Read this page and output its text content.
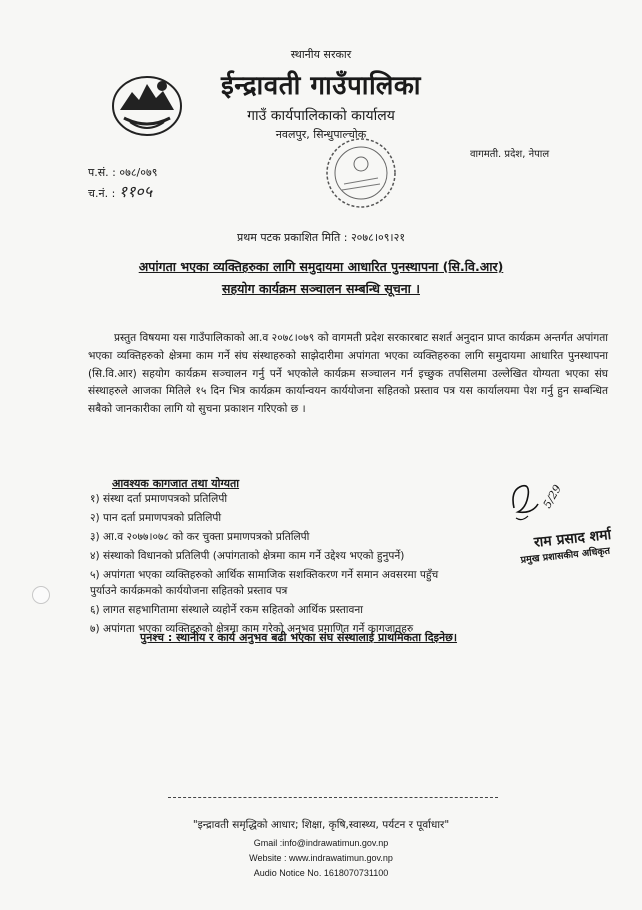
स्थानीय सरकार
ईन्द्रावती गाउँपालिका
गाउँ कार्यपालिकाको कार्यालय
नवलपुर, सिन्धुपाल्चोक
वागमती. प्रदेश, नेपाल
प.सं. : ०७८/०७९
च.नं. : ११०५
प्रथम पटक प्रकाशित मिति : २०७८।०९।२१
अपांगता भएका व्यक्तिहरुका लागि समुदायमा आधारित पुनस्थापना (सि.वि.आर)
सहयोग कार्यक्रम सञ्चालन सम्बन्धि सूचना ।
प्रस्तुत विषयमा यस गाउँपालिकाको आ.व २०७८।०७९ को वागमती प्रदेश सरकारबाट सशर्त अनुदान प्राप्त कार्यक्रम अन्तर्गत अपांगता भएका व्यक्तिहरुको क्षेत्रमा काम गर्ने संघ संस्थाहरुको साझेदारीमा अपांगता भएका व्यक्तिहरुका लागि समुदायमा आधारित पुनस्थापना (सि.वि.आर) सहयोग कार्यक्रम सञ्चालन गर्नु पर्ने भएकोले कार्यक्रम सञ्चालन गर्न इच्छुक तपसिलमा उल्लेखित योग्यता भएका संघ संस्थाहरुले आजका मितिले १५ दिन भित्र कार्यक्रम कार्यान्वयन कार्ययोजना सहितको प्रस्ताव पत्र यस कार्यालयमा पेश गर्नु हुन सम्बन्धित सबैको जानकारीका लागि यो सुचना प्रकाशन गरिएको छ ।
आवश्यक कागजात तथा योग्यता
१) संस्था दर्ता प्रमाणपत्रको प्रतिलिपी
२) पान दर्ता प्रमाणपत्रको प्रतिलिपी
३) आ.व २०७७।०७८ को कर चुक्ता प्रमाणपत्रको प्रतिलिपी
४) संस्थाको विधानको प्रतिलिपी (अपांगताको क्षेत्रमा काम गर्ने उद्देश्य भएको हुनुपर्ने)
५) अपांगता भएका व्यक्तिहरुको आर्थिक सामाजिक सशक्तिकरण गर्ने समान अवसरमा पहुँच
पुर्याउने कार्यक्रमको कार्ययोजना सहितको प्रस्ताव पत्र
६) लागत सहभागितामा संस्थाले व्यहोर्ने रकम सहितको आर्थिक प्रस्तावना
७) अपांगता भएका व्यक्तिहरुको क्षेत्रमा काम गरेको अनुभव प्रमाणित गर्ने कागजातहरु
पुनश्च : स्थानीय र कार्य अनुभव बढी भएका संघ संस्थालाई प्राथमिकता दिइनेछ।
5/29
राम प्रसाद शर्मा
प्रमुख प्रशासकीय अधिकृत
"इन्द्रावती समृद्धिको आधार; शिक्षा, कृषि,स्वास्थ्य, पर्यटन र पूर्वाधार"
Gmail :info@indrawatimun.gov.np
Website : www.indrawatimun.gov.np
Audio Notice No. 1618070731100
